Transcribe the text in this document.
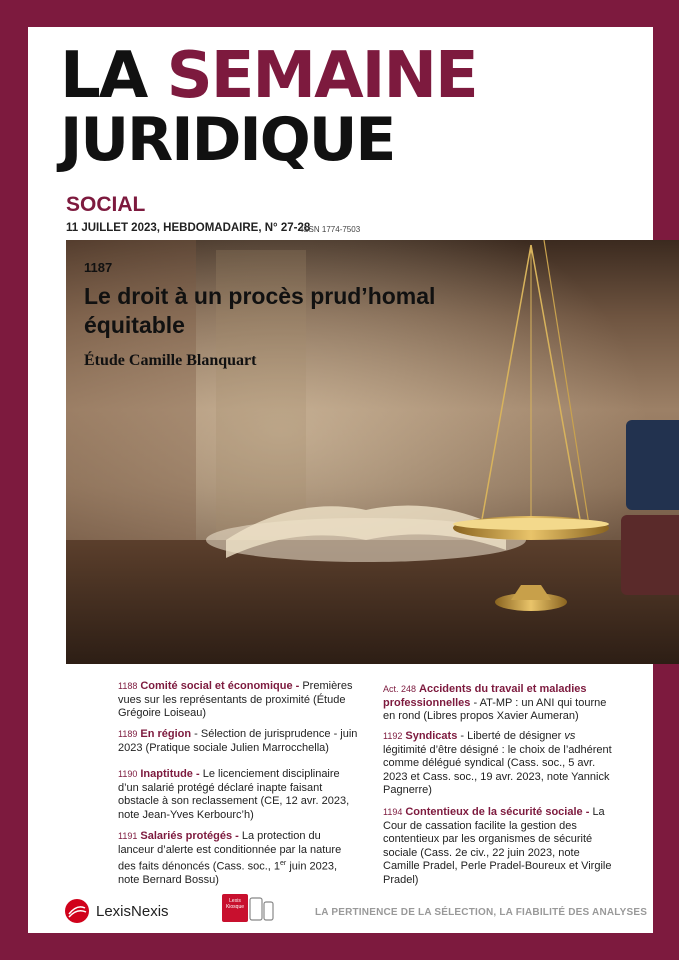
LA SEMAINE
JURIDIQUE
SOCIAL
11 JUILLET 2023, HEBDOMADAIRE, N° 27-28
ISSN 1774-7503
1187
Le droit à un procès prud’homal équitable
Étude Camille Blanquart
1188 Comité social et économique - Premières vues sur les représentants de proximité (Étude Grégoire Loiseau)
1189 En région - Sélection de jurisprudence - juin 2023 (Pratique sociale Julien Marrocchella)
1190 Inaptitude - Le licenciement disciplinaire d’un salarié protégé déclaré inapte faisant obstacle à son reclassement (CE, 12 avr. 2023, note Jean-Yves Kerbourc’h)
1191 Salariés protégés - La protection du lanceur d’alerte est conditionnée par la nature des faits dénoncés (Cass. soc., 1er juin 2023, note Bernard Bossu)
Act. 248 Accidents du travail et maladies professionnelles - AT-MP : un ANI qui tourne en rond (Libres propos Xavier Aumeran)
1192 Syndicats - Liberté de désigner vs légitimité d’être désigné : le choix de l’adhérent comme délégué syndical (Cass. soc., 5 avr. 2023 et Cass. soc., 19 avr. 2023, note Yannick Pagnerre)
1194 Contentieux de la sécurité sociale - La Cour de cassation facilite la gestion des contentieux par les organismes de sécurité sociale (Cass. 2e civ., 22 juin 2023, note Camille Pradel, Perle Pradel-Boureux et Virgile Pradel)
LexisNexis
Lexis Kiosque	LA PERTINENCE DE LA SÉLECTION, LA FIABILITÉ DES ANALYSES
